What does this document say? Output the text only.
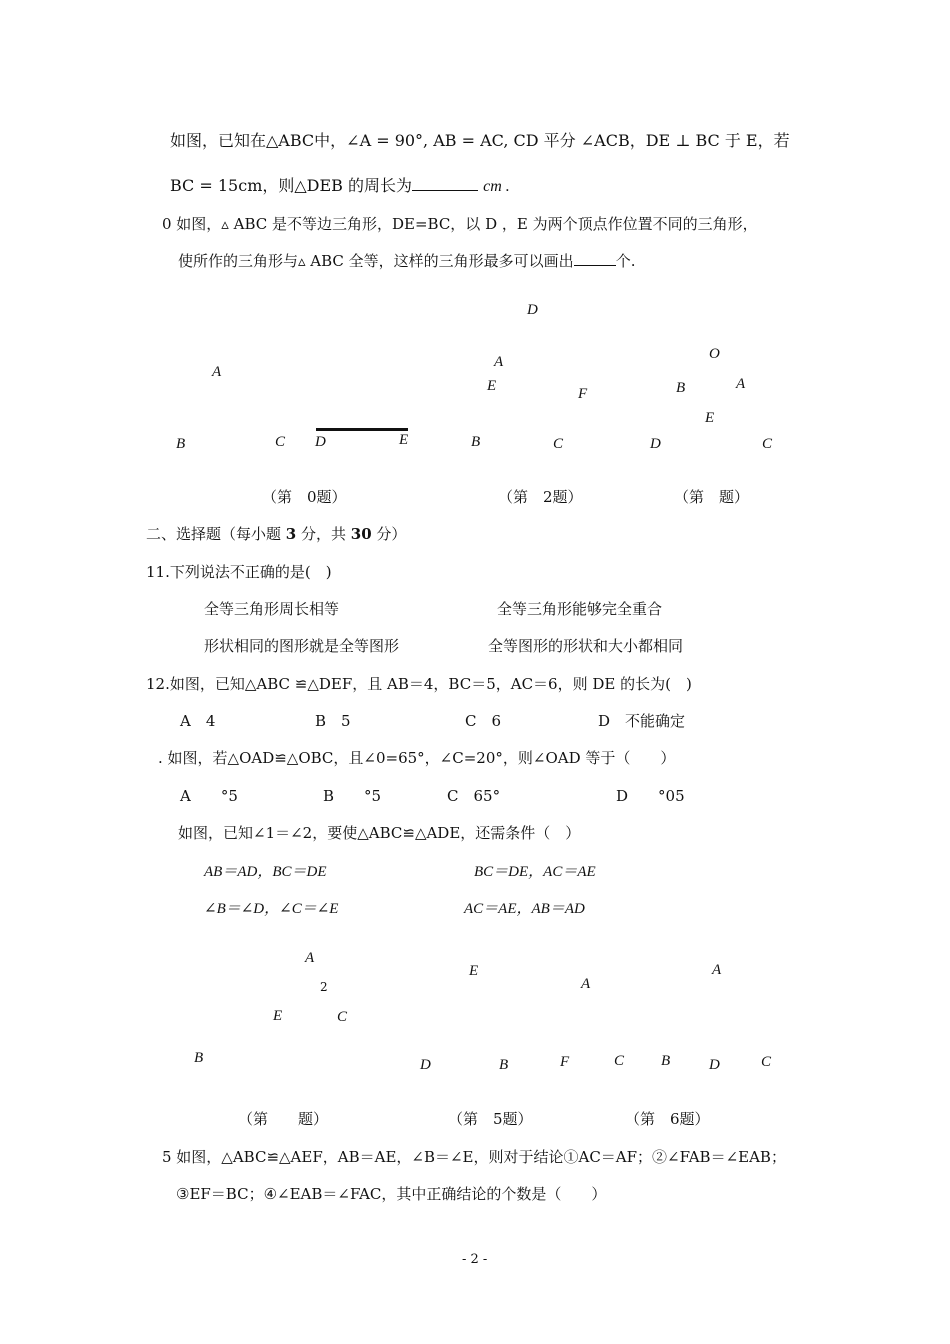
如图，已知在△ABC中，∠A = 90°, AB = AC, CD 平分 ∠ACB，DE ⊥ BC 于 E，若
BC = 15cm，则△DEB 的周长为	cm .
0 如图，▵ ABC 是不等边三角形，DE=BC，以 D ，E 为两个顶点作位置不同的三角形，
使所作的三角形与▵ ABC 全等，这样的三角形最多可以画出	个.
D
A	O
A
E	A
F	B
E
B	C D	E	B	C	D	C
（第　0题）	（第　2题）	（第　题）
二、选择题（每小题 3 分，共 30 分）
11.下列说法不正确的是(　)
全等三角形周长相等	全等三角形能够完全重合
形状相同的图形就是全等图形	全等图形的形状和大小都相同
12.如图，已知△ABC ≌△DEF，且 AB＝4，BC＝5，AC＝6，则 DE 的长为(　)
A　4	B　5	C　6	D　不能确定
. 如图，若△OAD≌△OBC，且∠0=65°，∠C=20°，则∠OAD 等于（　　）
A　　°5	B　　°5	C　65°	D　　°05
如图，已知∠1＝∠2，要使△ABC≌△ADE，还需条件（　）
AB＝AD，BC＝DE	BC＝DE，AC＝AE
∠B＝∠D，∠C＝∠E	AC＝AE，AB＝AD
A
2
E	C
B
E
A
D	B	F	C
A
B	D	C
（第　　题）	（第　5题）	（第　6题）
5 如图，△ABC≌△AEF，AB＝AE，∠B＝∠E，则对于结论①AC＝AF；②∠FAB＝∠EAB；
③EF＝BC；④∠EAB＝∠FAC，其中正确结论的个数是（　　）
- 2 -
